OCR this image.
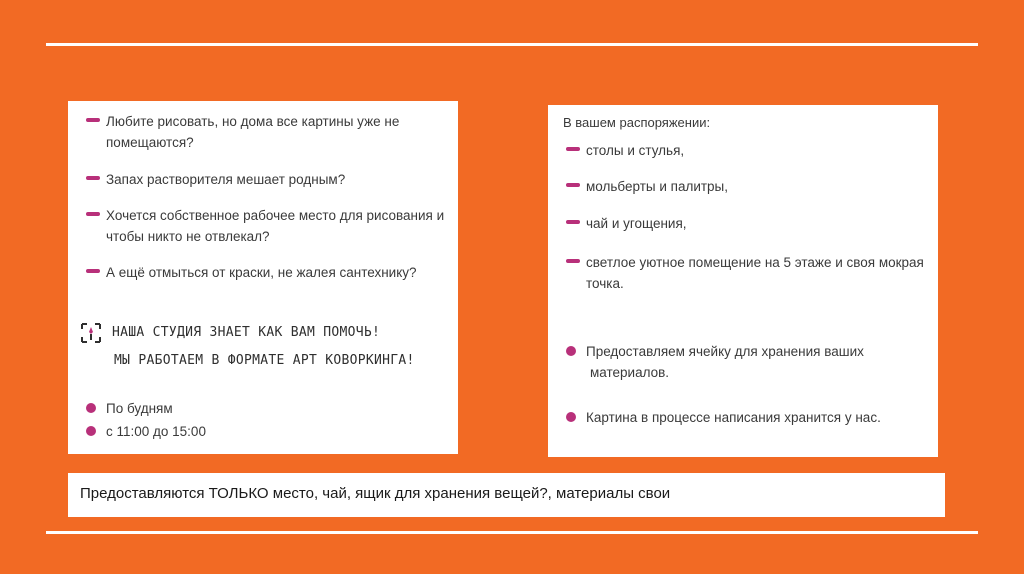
Любите рисовать, но дома все картины уже не
помещаются?
Запах растворителя мешает родным?
Хочется собственное рабочее место для рисования и
чтобы никто не отвлекал?
А ещё отмыться от краски, не жалея сантехнику?
НАША СТУДИЯ ЗНАЕТ КАК ВАМ ПОМОЧЬ!
МЫ РАБОТАЕМ В ФОРМАТЕ АРТ КОВОРКИНГА!
По будням
с 11:00 до 15:00
В вашем распоряжении:
столы и стулья,
мольберты и палитры,
чай и угощения,
светлое уютное помещение на 5 этаже и своя мокрая
точка.
Предоставляем ячейку для хранения ваших
материалов.
Картина в процессе написания хранится у нас.
Предоставляются ТОЛЬКО место, чай, ящик для хранения вещей?, материалы свои
